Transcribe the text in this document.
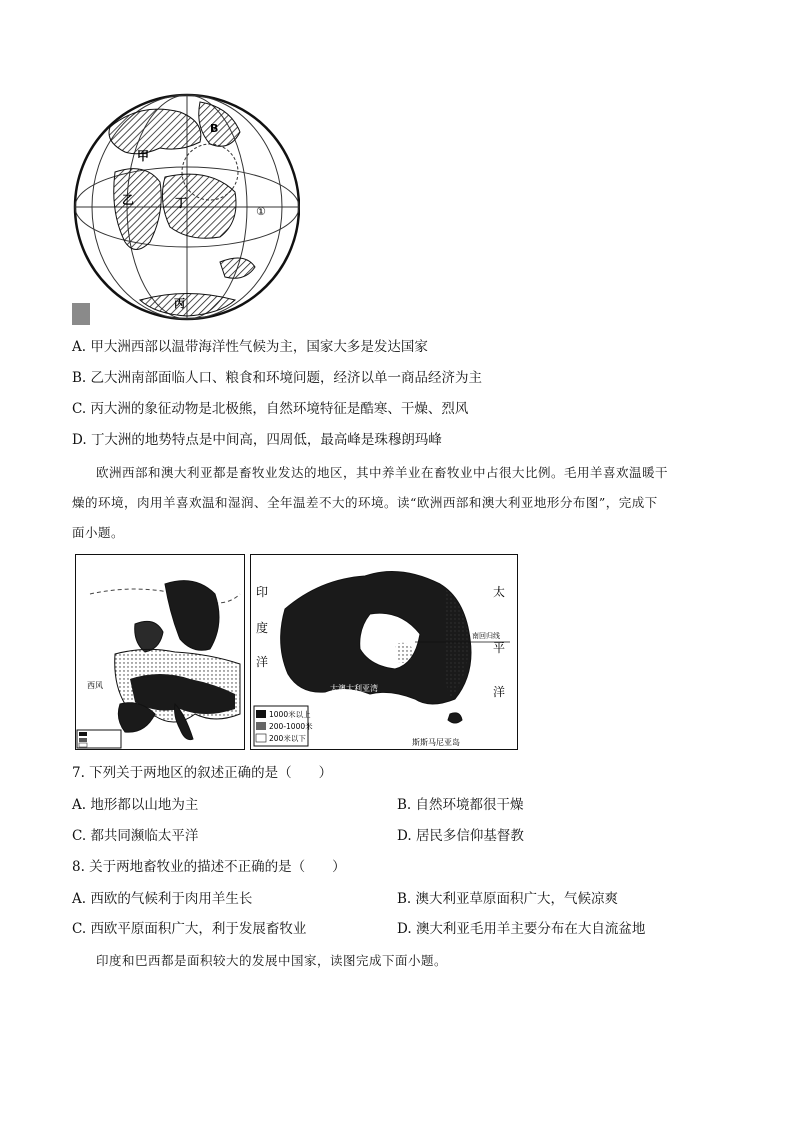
甲
乙
丙
丁
B
①
A. 甲大洲西部以温带海洋性气候为主，国家大多是发达国家
B. 乙大洲南部面临人口、粮食和环境问题，经济以单一商品经济为主
C. 丙大洲的象征动物是北极熊，自然环境特征是酷寒、干燥、烈风
D. 丁大洲的地势特点是中间高，四周低，最高峰是珠穆朗玛峰
欧洲西部和澳大利亚都是畜牧业发达的地区，其中养羊业在畜牧业中占很大比例。毛用羊喜欢温暖干
燥的环境，肉用羊喜欢温和湿润、全年温差不大的环境。读“欧洲西部和澳大利亚地形分布图”，完成下
面小题。
西风
印
度
洋
太
平
洋
南回归线
大澳大利亚湾
斯斯马尼亚岛
1000米以上
200-1000米
200米以下
7. 下列关于两地区的叙述正确的是（　　）
A. 地形都以山地为主	B. 自然环境都很干燥
C. 都共同濒临太平洋	D. 居民多信仰基督教
8. 关于两地畜牧业的描述不正确的是（　　）
A. 西欧的气候利于肉用羊生长	B. 澳大利亚草原面积广大，气候凉爽
C. 西欧平原面积广大，利于发展畜牧业	D. 澳大利亚毛用羊主要分布在大自流盆地
印度和巴西都是面积较大的发展中国家，读图完成下面小题。
